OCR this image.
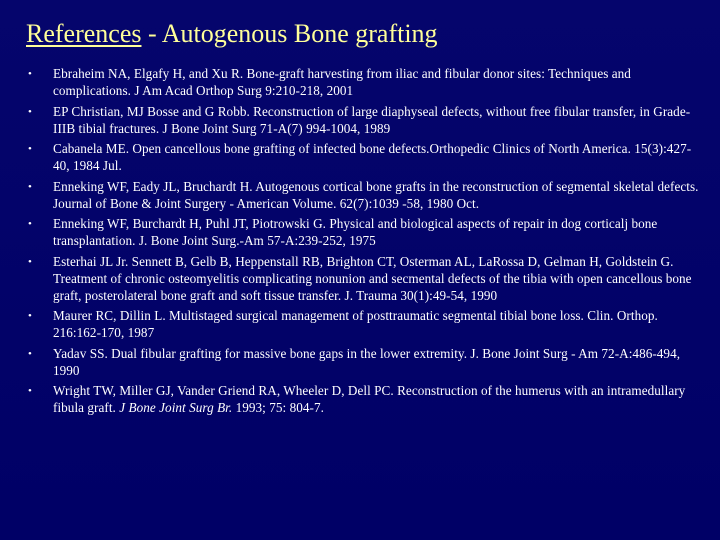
References - Autogenous Bone grafting
• Ebraheim NA, Elgafy H, and Xu R. Bone-graft harvesting from iliac and fibular donor sites: Techniques and complications. J Am Acad Orthop Surg 9:210-218, 2001
• EP Christian, MJ Bosse and G Robb. Reconstruction of large diaphyseal defects, without free fibular transfer, in Grade-IIIB tibial fractures. J Bone Joint Surg 71-A(7) 994-1004, 1989
• Cabanela ME. Open cancellous bone grafting of infected bone defects.Orthopedic Clinics of North America. 15(3):427-40, 1984 Jul.
• Enneking WF, Eady JL, Bruchardt H. Autogenous cortical bone grafts in the reconstruction of segmental skeletal defects. Journal of Bone & Joint Surgery - American Volume. 62(7):1039 -58, 1980 Oct.
• Enneking WF, Burchardt H, Puhl JT, Piotrowski G. Physical and biological aspects of repair in dog corticalj bone transplantation. J. Bone Joint Surg.-Am 57-A:239-252, 1975
• Esterhai JL Jr. Sennett B, Gelb B, Heppenstall RB, Brighton CT, Osterman AL, LaRossa D, Gelman H, Goldstein G. Treatment of chronic osteomyelitis complicating nonunion and secmental defects of the tibia with open cancellous bone graft, posterolateral bone graft and soft tissue transfer. J. Trauma 30(1):49-54, 1990
• Maurer RC, Dillin L. Multistaged surgical management of posttraumatic segmental tibial bone loss. Clin. Orthop. 216:162-170, 1987
• Yadav SS. Dual fibular grafting for massive bone gaps in the lower extremity. J. Bone Joint Surg - Am 72-A:486-494, 1990
• Wright TW, Miller GJ, Vander Griend RA, Wheeler D, Dell PC. Reconstruction of the humerus with an intramedullary fibula graft. J Bone Joint Surg Br. 1993; 75: 804-7.
